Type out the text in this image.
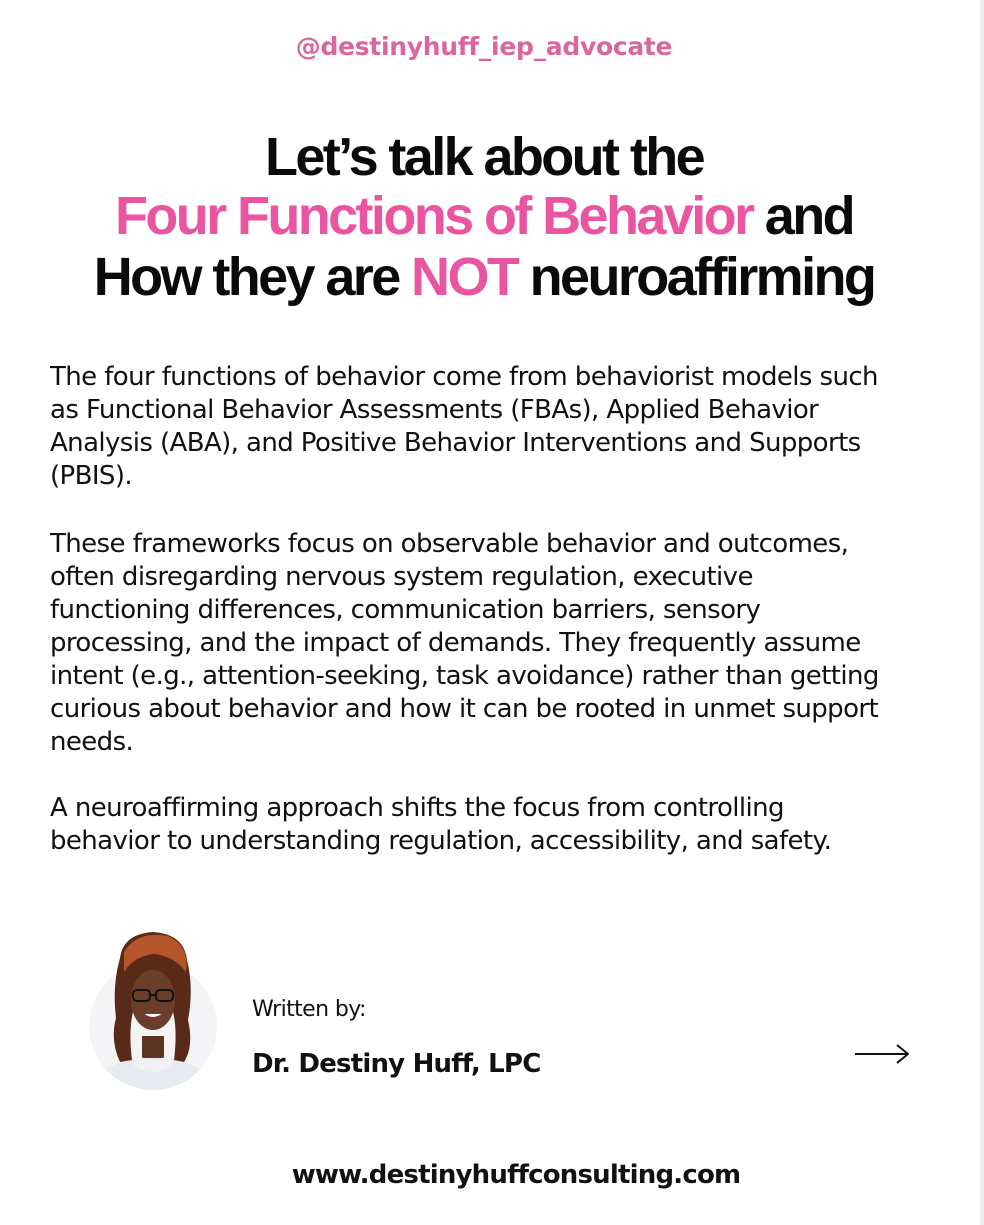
@destinyhuff_iep_advocate
Let’s talk about the
Four Functions of Behavior and
How they are NOT neuroaffirming
The four functions of behavior come from behaviorist models such
as Functional Behavior Assessments (FBAs), Applied Behavior
Analysis (ABA), and Positive Behavior Interventions and Supports
(PBIS).
These frameworks focus on observable behavior and outcomes,
often disregarding nervous system regulation, executive
functioning differences, communication barriers, sensory
processing, and the impact of demands. They frequently assume
intent (e.g., attention-seeking, task avoidance) rather than getting
curious about behavior and how it can be rooted in unmet support
needs.
A neuroaffirming approach shifts the focus from controlling
behavior to understanding regulation, accessibility, and safety.
Written by:
Dr. Destiny Huff, LPC
www.destinyhuffconsulting.com
